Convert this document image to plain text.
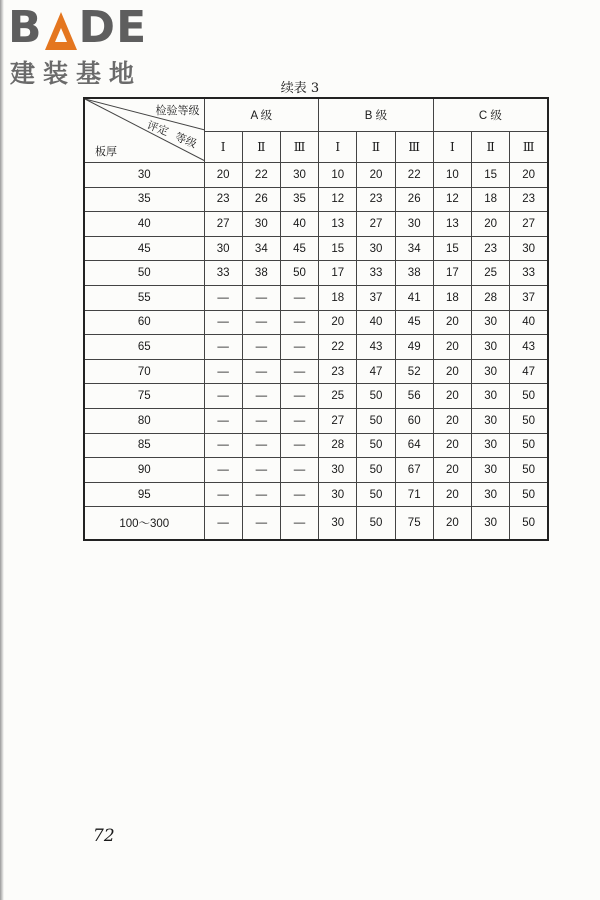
B DE
建装基地
续表 3
检验等级
评定
等级
板厚	A 级			B 级			C 级		
	Ⅰ	Ⅱ	Ⅲ	Ⅰ	Ⅱ	Ⅲ	Ⅰ	Ⅱ	Ⅲ
30	20	22	30	10	20	22	10	15	20
35	23	26	35	12	23	26	12	18	23
40	27	30	40	13	27	30	13	20	27
45	30	34	45	15	30	34	15	23	30
50	33	38	50	17	33	38	17	25	33
55	—	—	—	18	37	41	18	28	37
60	—	—	—	20	40	45	20	30	40
65	—	—	—	22	43	49	20	30	43
70	—	—	—	23	47	52	20	30	47
75	—	—	—	25	50	56	20	30	50
80	—	—	—	27	50	60	20	30	50
85	—	—	—	28	50	64	20	30	50
90	—	—	—	30	50	67	20	30	50
95	—	—	—	30	50	71	20	30	50
100～300	—	—	—	30	50	75	20	30	50
72
